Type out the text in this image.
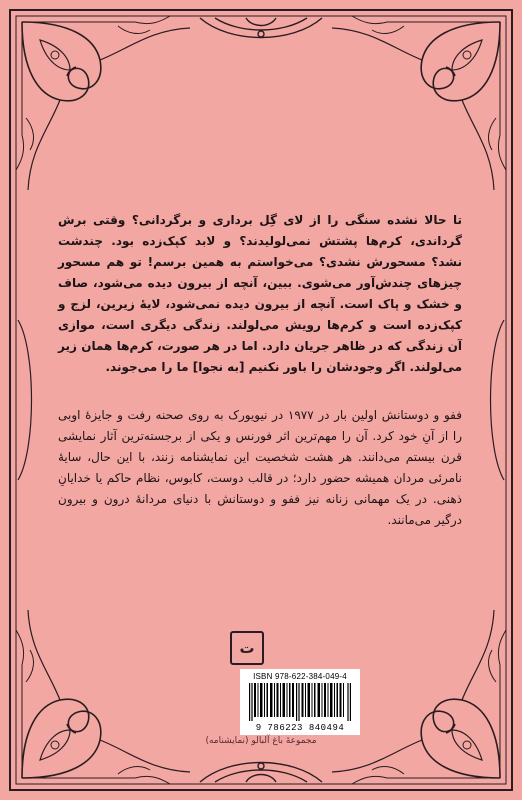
تا حالا نشده سنگی را از لای گِل برداری و برگردانی؟ وقتی برش گرداندی، کرم‌ها پشتش نمی‌لولیدند؟ و لابد کپک‌زده بود. چندشت نشد؟ مسحورش نشدی؟ می‌خواستم به همین برسم! تو هم مسحور چیزهای چندش‌آور می‌شوی. ببین، آنچه از بیرون دیده می‌شود، صاف و خشک و پاک است. آنچه از بیرون دیده نمی‌شود، لایهٔ زیرین، لزج و کپک‌زده است و کرم‌ها رویش می‌لولند. زندگی دیگری است، موازی آن زندگی که در ظاهر جریان دارد. اما در هر صورت، کرم‌ها همان زیر می‌لولند. اگر وجودشان را باور نکنیم [به نجوا] ما را می‌جوند.

ففو و دوستانش اولین بار در ۱۹۷۷ در نیویورک به روی صحنه رفت و جایزهٔ اوبی را از آنِ خود کرد. آن را مهم‌ترین اثر فورنس و یکی از برجسته‌ترین آثار نمایشی قرن بیستم می‌دانند. هر هشت شخصیت این نمایشنامه زنند، با این حال، سایهٔ نامرئی مردان همیشه حضور دارد؛ در قالب دوست، کابوس، نظام حاکم یا خدایانِ ذهنی. در یک مهمانی زنانه نیز ففو و دوستانش با دنیای مردانهٔ درون و بیرون درگیر می‌مانند.

ت
ISBN 978-622-384-049-4
9 786223 840494
مجموعهٔ باغ آلبالو (نمایشنامه)
